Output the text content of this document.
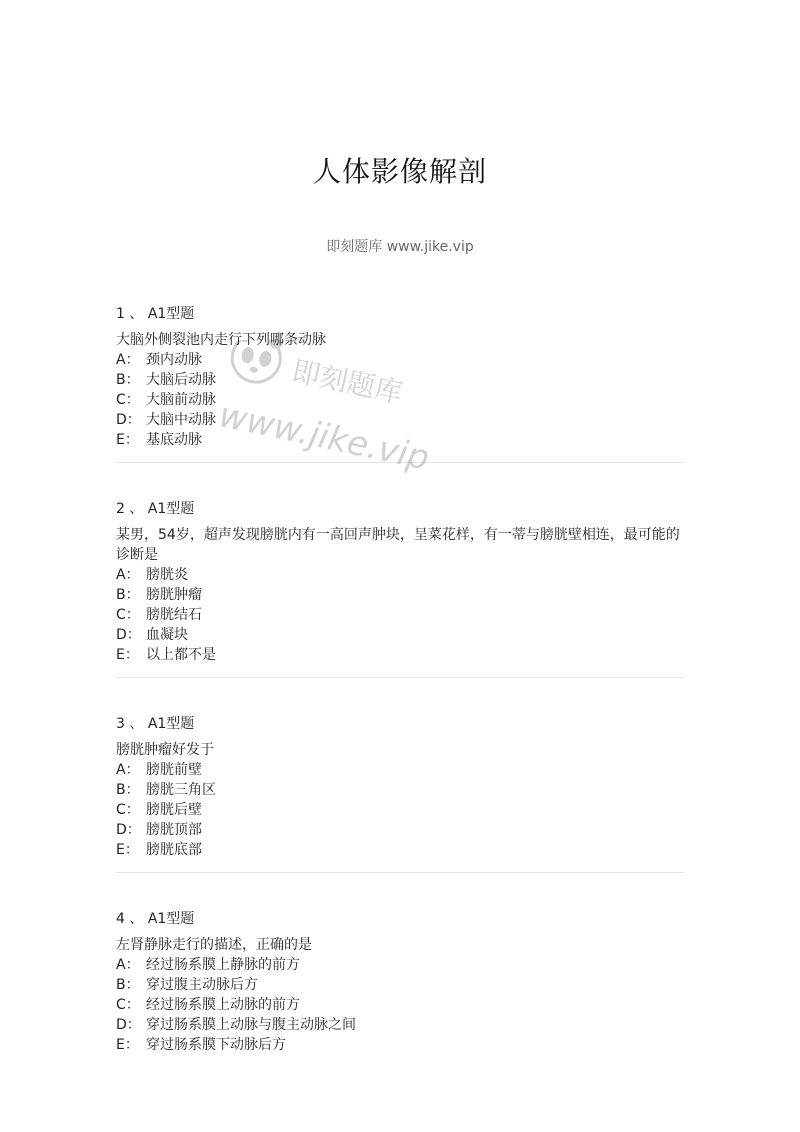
人体影像解剖
即刻题库 www.jike.vip
1 、 A1型题

大脑外侧裂池内走行下列哪条动脉

A： 颈内动脉
B： 大脑后动脉
C： 大脑前动脉
D： 大脑中动脉
E： 基底动脉
2 、 A1型题

某男，54岁，超声发现膀胱内有一高回声肿块，呈菜花样，有一蒂与膀胱壁相连，最可能的诊断是

A： 膀胱炎
B： 膀胱肿瘤
C： 膀胱结石
D： 血凝块
E： 以上都不是
3 、 A1型题

膀胱肿瘤好发于

A： 膀胱前壁
B： 膀胱三角区
C： 膀胱后壁
D： 膀胱顶部
E： 膀胱底部
4 、 A1型题

左肾静脉走行的描述，正确的是

A： 经过肠系膜上静脉的前方
B： 穿过腹主动脉后方
C： 经过肠系膜上动脉的前方
D： 穿过肠系膜上动脉与腹主动脉之间
E： 穿过肠系膜下动脉后方
即刻题库
www.jike.vip
